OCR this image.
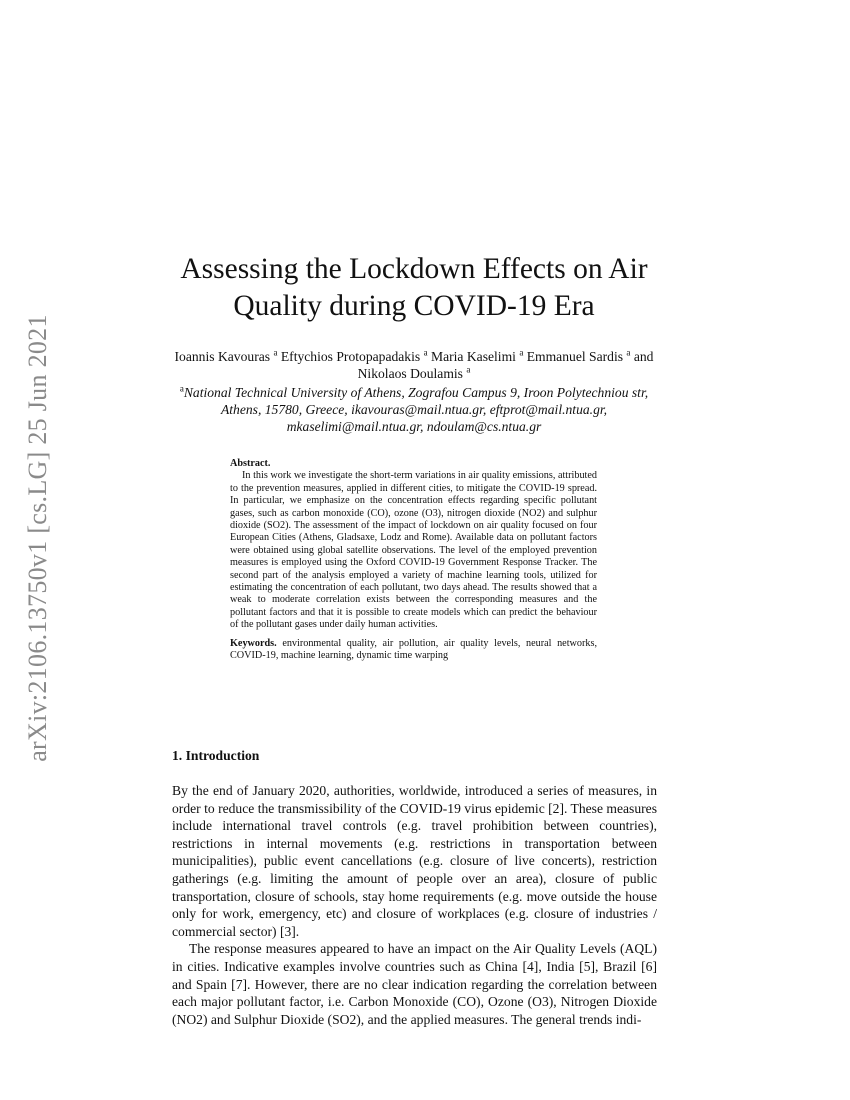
arXiv:2106.13750v1 [cs.LG] 25 Jun 2021
Assessing the Lockdown Effects on Air
Quality during COVID-19 Era
Ioannis Kavouras $^a$ Eftychios Protopapadakis $^a$ Maria Kaselimi $^a$ Emmanuel Sardis $^a$ and
Nikolaos Doulamis $^a$
$^a$National Technical University of Athens, Zografou Campus 9, Iroon Polytechniou str, Athens, 15780, Greece, ikavouras@mail.ntua.gr, eftprot@mail.ntua.gr, mkaselimi@mail.ntua.gr, ndoulam@cs.ntua.gr

Abstract.

In this work we investigate the short-term variations in air quality emissions, attributed to the prevention measures, applied in different cities, to mitigate the COVID-19 spread. In particular, we emphasize on the concentration effects regarding specific pollutant gases, such as carbon monoxide (CO), ozone (O3), nitrogen dioxide (NO2) and sulphur dioxide (SO2). The assessment of the impact of lockdown on air quality focused on four European Cities (Athens, Gladsaxe, Lodz and Rome). Available data on pollutant factors were obtained using global satellite observations. The level of the employed prevention measures is employed using the Oxford COVID-19 Government Response Tracker. The second part of the analysis employed a variety of machine learning tools, utilized for estimating the concentration of each pollutant, two days ahead. The results showed that a weak to moderate correlation exists between the corresponding measures and the pollutant factors and that it is possible to create models which can predict the behaviour of the pollutant gases under daily human activities.

Keywords. environmental quality, air pollution, air quality levels, neural networks, COVID-19, machine learning, dynamic time warping

1. Introduction

By the end of January 2020, authorities, worldwide, introduced a series of measures, in order to reduce the transmissibility of the COVID-19 virus epidemic [2]. These measures include international travel controls (e.g. travel prohibition between countries), restrictions in internal movements (e.g. restrictions in transportation between municipalities), public event cancellations (e.g. closure of live concerts), restriction gatherings (e.g. limiting the amount of people over an area), closure of public transportation, closure of schools, stay home requirements (e.g. move outside the house only for work, emergency, etc) and closure of workplaces (e.g. closure of industries / commercial sector) [3].

The response measures appeared to have an impact on the Air Quality Levels (AQL) in cities. Indicative examples involve countries such as China [4], India [5], Brazil [6] and Spain [7]. However, there are no clear indication regarding the correlation between each major pollutant factor, i.e. Carbon Monoxide (CO), Ozone (O3), Nitrogen Dioxide (NO2) and Sulphur Dioxide (SO2), and the applied measures. The general trends indi-
